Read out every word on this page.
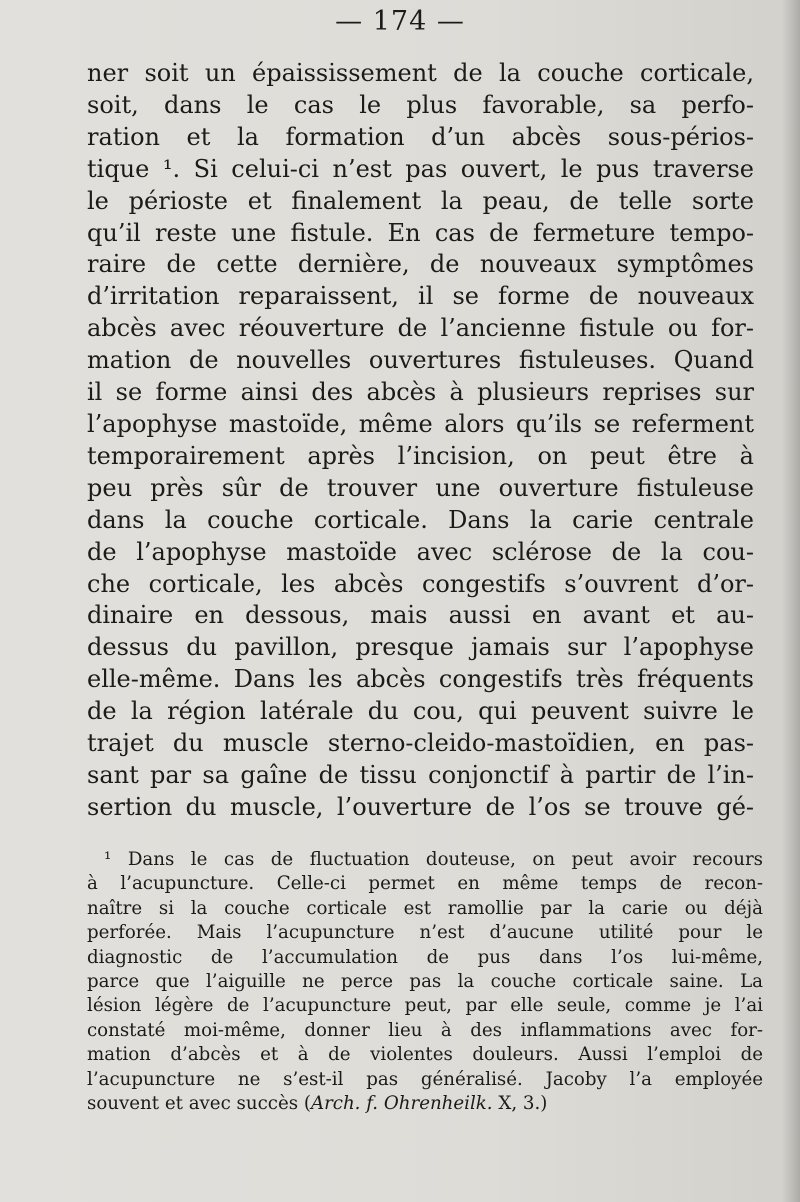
— 174 —
ner soit un épaississement de la couche corticale,
soit, dans le cas le plus favorable, sa perfo-
ration et la formation d’un abcès sous-périos-
tique ¹. Si celui-ci n’est pas ouvert, le pus traverse
le périoste et finalement la peau, de telle sorte
qu’il reste une fistule. En cas de fermeture tempo-
raire de cette dernière, de nouveaux symptômes
d’irritation reparaissent, il se forme de nouveaux
abcès avec réouverture de l’ancienne fistule ou for-
mation de nouvelles ouvertures fistuleuses. Quand
il se forme ainsi des abcès à plusieurs reprises sur
l’apophyse mastoïde, même alors qu’ils se referment
temporairement après l’incision, on peut être à
peu près sûr de trouver une ouverture fistuleuse
dans la couche corticale. Dans la carie centrale
de l’apophyse mastoïde avec sclérose de la cou-
che corticale, les abcès congestifs s’ouvrent d’or-
dinaire en dessous, mais aussi en avant et au-
dessus du pavillon, presque jamais sur l’apophyse
elle-même. Dans les abcès congestifs très fréquents
de la région latérale du cou, qui peuvent suivre le
trajet du muscle sterno-cleido-mastoïdien, en pas-
sant par sa gaîne de tissu conjonctif à partir de l’in-
sertion du muscle, l’ouverture de l’os se trouve gé-
¹ Dans le cas de fluctuation douteuse, on peut avoir recours
à l’acupuncture. Celle-ci permet en même temps de recon-
naître si la couche corticale est ramollie par la carie ou déjà
perforée. Mais l’acupuncture n’est d’aucune utilité pour le
diagnostic de l’accumulation de pus dans l’os lui-même,
parce que l’aiguille ne perce pas la couche corticale saine. La
lésion légère de l’acupuncture peut, par elle seule, comme je l’ai
constaté moi-même, donner lieu à des inflammations avec for-
mation d’abcès et à de violentes douleurs. Aussi l’emploi de
l’acupuncture ne s’est-il pas généralisé. Jacoby l’a employée
souvent et avec succès (Arch. f. Ohrenheilk. X, 3.)
